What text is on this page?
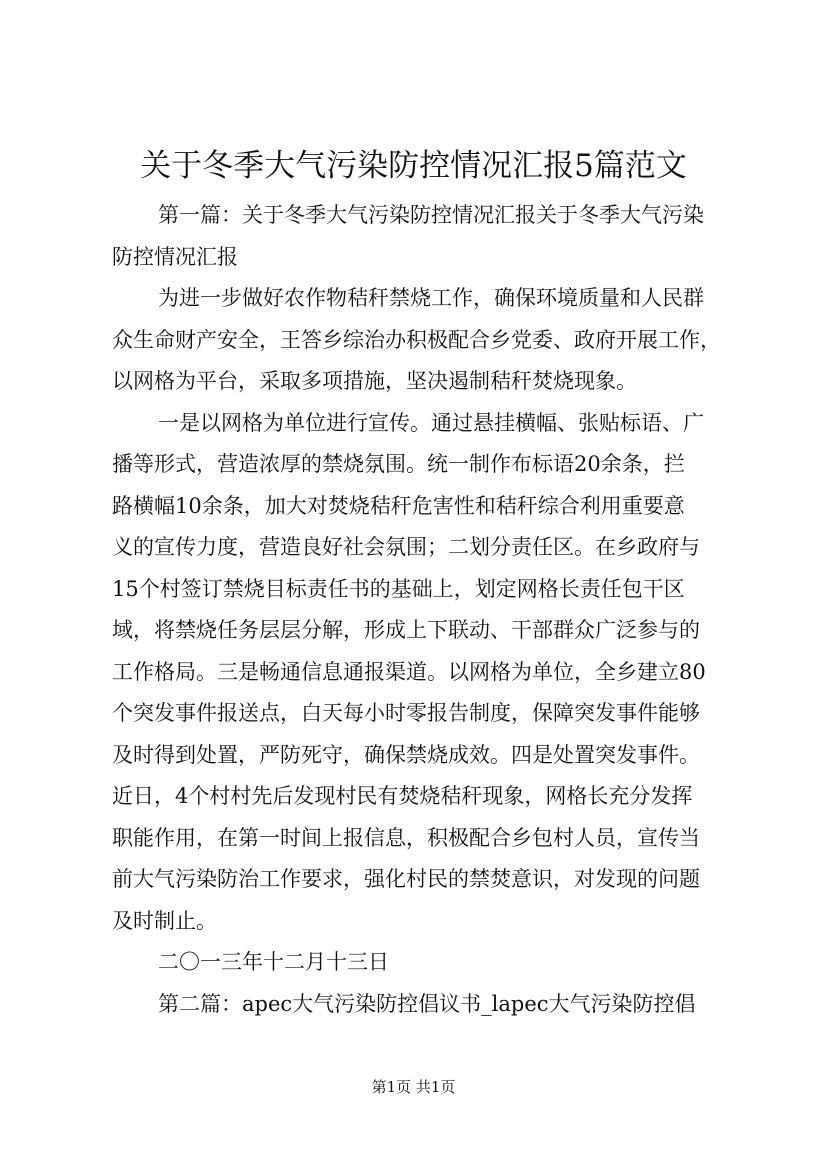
关于冬季大气污染防控情况汇报5篇范文
第一篇：关于冬季大气污染防控情况汇报关于冬季大气污染
防控情况汇报
为进一步做好农作物秸秆禁烧工作，确保环境质量和人民群
众生命财产安全，王答乡综治办积极配合乡党委、政府开展工作，
以网格为平台，采取多项措施，坚决遏制秸秆焚烧现象。
一是以网格为单位进行宣传。通过悬挂横幅、张贴标语、广
播等形式，营造浓厚的禁烧氛围。统一制作布标语20余条，拦
路横幅10余条，加大对焚烧秸秆危害性和秸秆综合利用重要意
义的宣传力度，营造良好社会氛围；二划分责任区。在乡政府与
15个村签订禁烧目标责任书的基础上，划定网格长责任包干区
域，将禁烧任务层层分解，形成上下联动、干部群众广泛参与的
工作格局。三是畅通信息通报渠道。以网格为单位，全乡建立80
个突发事件报送点，白天每小时零报告制度，保障突发事件能够
及时得到处置，严防死守，确保禁烧成效。四是处置突发事件。
近日，4个村村先后发现村民有焚烧秸秆现象，网格长充分发挥
职能作用，在第一时间上报信息，积极配合乡包村人员，宣传当
前大气污染防治工作要求，强化村民的禁焚意识，对发现的问题
及时制止。
二〇一三年十二月十三日
第二篇：apec大气污染防控倡议书_lapec大气污染防控倡
第1页 共1页
